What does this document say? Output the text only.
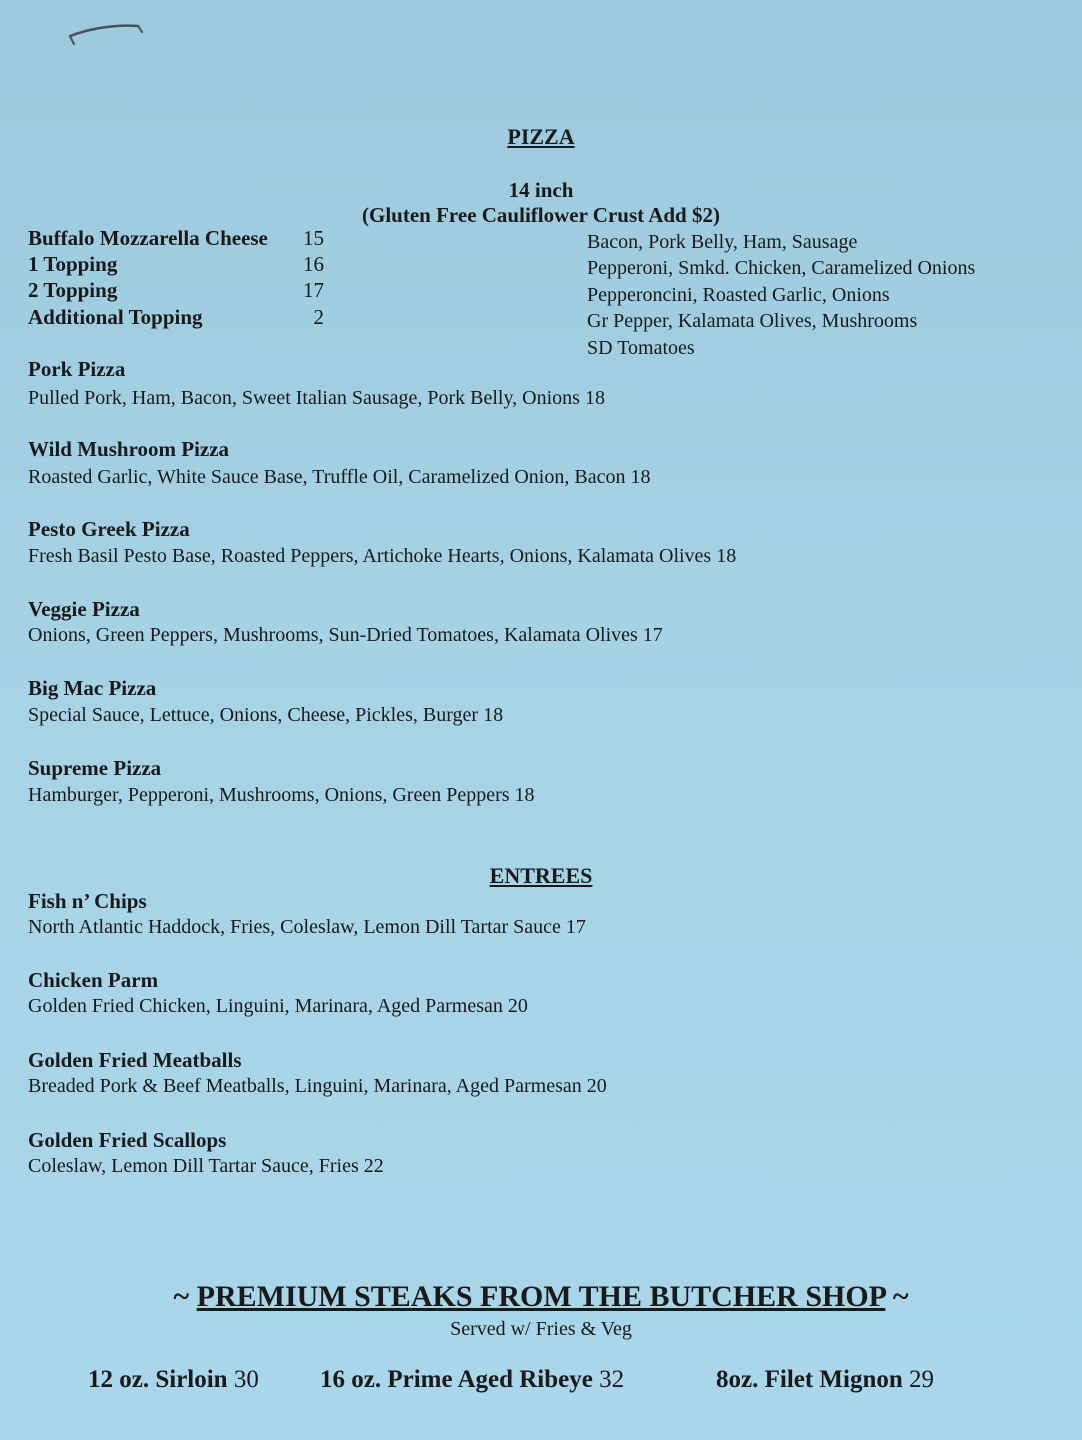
PIZZA
14 inch
(Gluten Free Cauliflower Crust Add $2)
Buffalo Mozzarella Cheese 15
1 Topping	16
2 Topping	17
Additional Topping	2
Bacon, Pork Belly, Ham, Sausage
Pepperoni, Smkd. Chicken, Caramelized Onions
Pepperoncini, Roasted Garlic, Onions
Gr Pepper, Kalamata Olives, Mushrooms
SD Tomatoes
Pork Pizza
Pulled Pork, Ham, Bacon, Sweet Italian Sausage, Pork Belly, Onions 18
Wild Mushroom Pizza
Roasted Garlic, White Sauce Base, Truffle Oil, Caramelized Onion, Bacon 18
Pesto Greek Pizza
Fresh Basil Pesto Base, Roasted Peppers, Artichoke Hearts, Onions, Kalamata Olives 18
Veggie Pizza
Onions, Green Peppers, Mushrooms, Sun-Dried Tomatoes, Kalamata Olives 17
Big Mac Pizza
Special Sauce, Lettuce, Onions, Cheese, Pickles, Burger 18
Supreme Pizza
Hamburger, Pepperoni, Mushrooms, Onions, Green Peppers 18
ENTREES
Fish n’ Chips
North Atlantic Haddock, Fries, Coleslaw, Lemon Dill Tartar Sauce 17
Chicken Parm
Golden Fried Chicken, Linguini, Marinara, Aged Parmesan 20
Golden Fried Meatballs
Breaded Pork & Beef Meatballs, Linguini, Marinara, Aged Parmesan 20
Golden Fried Scallops
Coleslaw, Lemon Dill Tartar Sauce, Fries 22
~ PREMIUM STEAKS FROM THE BUTCHER SHOP ~
Served w/ Fries & Veg
12 oz. Sirloin 30 16 oz. Prime Aged Ribeye 32	8oz. Filet Mignon 29
